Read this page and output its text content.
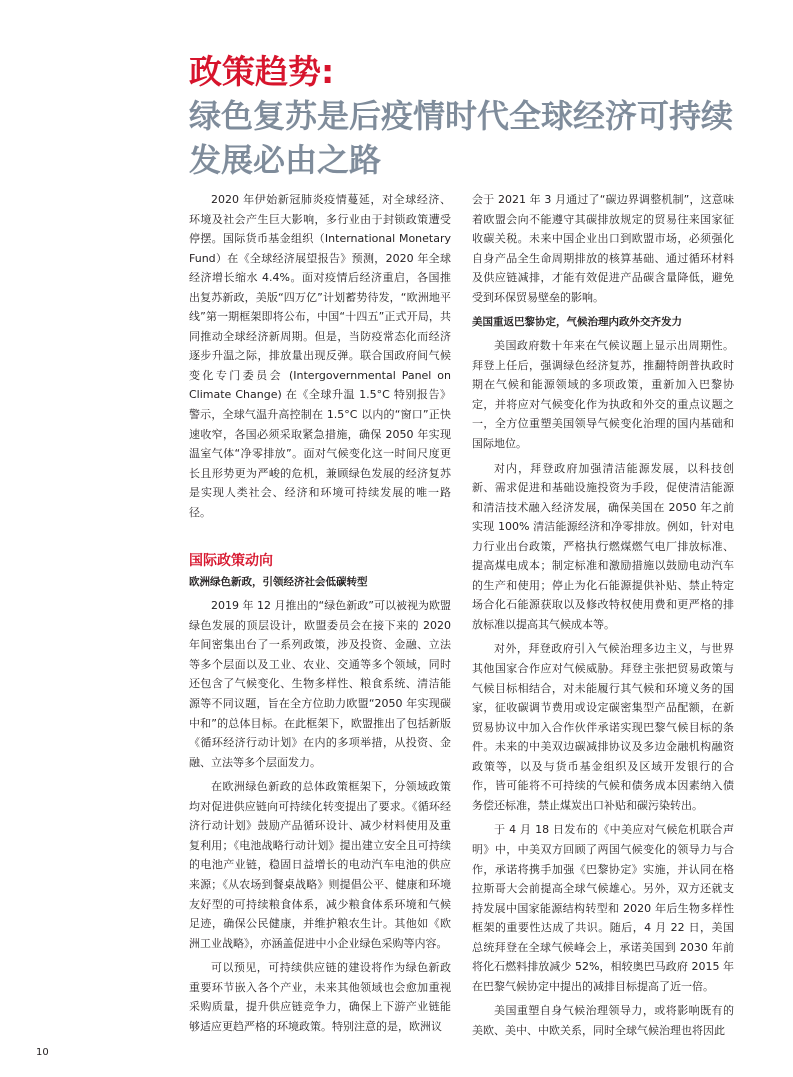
政策趋势:
绿色复苏是后疫情时代全球经济可持续
发展必由之路

2020 年伊始新冠肺炎疫情蔓延，对全球经济、环境及社会产生巨大影响，多行业由于封锁政策遭受停摆。国际货币基金组织（International Monetary Fund）在《全球经济展望报告》预测，2020 年全球经济增长缩水 4.4%。面对疫情后经济重启，各国推出复苏新政，美版“四万亿”计划蓄势待发，“欧洲地平线”第一期框架即将公布，中国“十四五”正式开局，共同推动全球经济新周期。但是，当防疫常态化而经济逐步升温之际，排放量出现反弹。联合国政府间气候变化专门委员会 (Intergovernmental Panel on Climate Change) 在《全球升温 1.5°C 特别报告》警示，全球气温升高控制在 1.5°C 以内的“窗口”正快速收窄，各国必须采取紧急措施，确保 2050 年实现温室气体“净零排放”。面对气候变化这一时间尺度更长且形势更为严峻的危机，兼顾绿色发展的经济复苏是实现人类社会、经济和环境可持续发展的唯一路径。

国际政策动向
欧洲绿色新政，引领经济社会低碳转型

2019 年 12 月推出的“绿色新政”可以被视为欧盟绿色发展的顶层设计，欧盟委员会在接下来的 2020 年间密集出台了一系列政策，涉及投资、金融、立法等多个层面以及工业、农业、交通等多个领域，同时还包含了气候变化、生物多样性、粮食系统、清洁能源等不同议题，旨在全方位助力欧盟“2050 年实现碳中和”的总体目标。在此框架下，欧盟推出了包括新版《循环经济行动计划》在内的多项举措，从投资、金融、立法等多个层面发力。

在欧洲绿色新政的总体政策框架下，分领域政策均对促进供应链向可持续化转变提出了要求。《循环经济行动计划》鼓励产品循环设计、减少材料使用及重复利用；《电池战略行动计划》提出建立安全且可持续的电池产业链，稳固日益增长的电动汽车电池的供应来源；《从农场到餐桌战略》则提倡公平、健康和环境友好型的可持续粮食体系，减少粮食体系环境和气候足迹，确保公民健康，并维护粮农生计。其他如《欧洲工业战略》，亦涵盖促进中小企业绿色采购等内容。

可以预见，可持续供应链的建设将作为绿色新政重要环节嵌入各个产业，未来其他领域也会愈加重视采购质量，提升供应链竞争力，确保上下游产业链能够适应更趋严格的环境政策。特别注意的是，欧洲议

会于 2021 年 3 月通过了“碳边界调整机制”，这意味着欧盟会向不能遵守其碳排放规定的贸易往来国家征收碳关税。未来中国企业出口到欧盟市场，必须强化自身产品全生命周期排放的核算基础、通过循环材料及供应链减排，才能有效促进产品碳含量降低，避免受到环保贸易壁垒的影响。

美国重返巴黎协定，气候治理内政外交齐发力

美国政府数十年来在气候议题上显示出周期性。拜登上任后，强调绿色经济复苏，推翻特朗普执政时期在气候和能源领域的多项政策，重新加入巴黎协定，并将应对气候变化作为执政和外交的重点议题之一，全方位重塑美国领导气候变化治理的国内基础和国际地位。

对内，拜登政府加强清洁能源发展，以科技创新、需求促进和基础设施投资为手段，促使清洁能源和清洁技术融入经济发展，确保美国在 2050 年之前实现 100% 清洁能源经济和净零排放。例如，针对电力行业出台政策，严格执行燃煤燃气电厂排放标准、提高煤电成本；制定标准和激励措施以鼓励电动汽车的生产和使用；停止为化石能源提供补贴、禁止特定场合化石能源获取以及修改特权使用费和更严格的排放标准以提高其气候成本等。

对外，拜登政府引入气候治理多边主义，与世界其他国家合作应对气候威胁。拜登主张把贸易政策与气候目标相结合，对未能履行其气候和环境义务的国家，征收碳调节费用或设定碳密集型产品配额，在新贸易协议中加入合作伙伴承诺实现巴黎气候目标的条件。未来的中美双边碳减排协议及多边金融机构融资政策等，以及与货币基金组织及区域开发银行的合作，皆可能将不可持续的气候和债务成本因素纳入债务偿还标准，禁止煤炭出口补贴和碳污染转出。

于 4 月 18 日发布的《中美应对气候危机联合声明》中，中美双方回顾了两国气候变化的领导力与合作，承诺将携手加强《巴黎协定》实施，并认同在格拉斯哥大会前提高全球气候雄心。另外，双方还就支持发展中国家能源结构转型和 2020 年后生物多样性框架的重要性达成了共识。随后，4 月 22 日，美国总统拜登在全球气候峰会上，承诺美国到 2030 年前将化石燃料排放减少 52%，相较奥巴马政府 2015 年在巴黎气候协定中提出的减排目标提高了近一倍。

美国重塑自身气候治理领导力，或将影响既有的美欧、美中、中欧关系，同时全球气候治理也将因此

10
